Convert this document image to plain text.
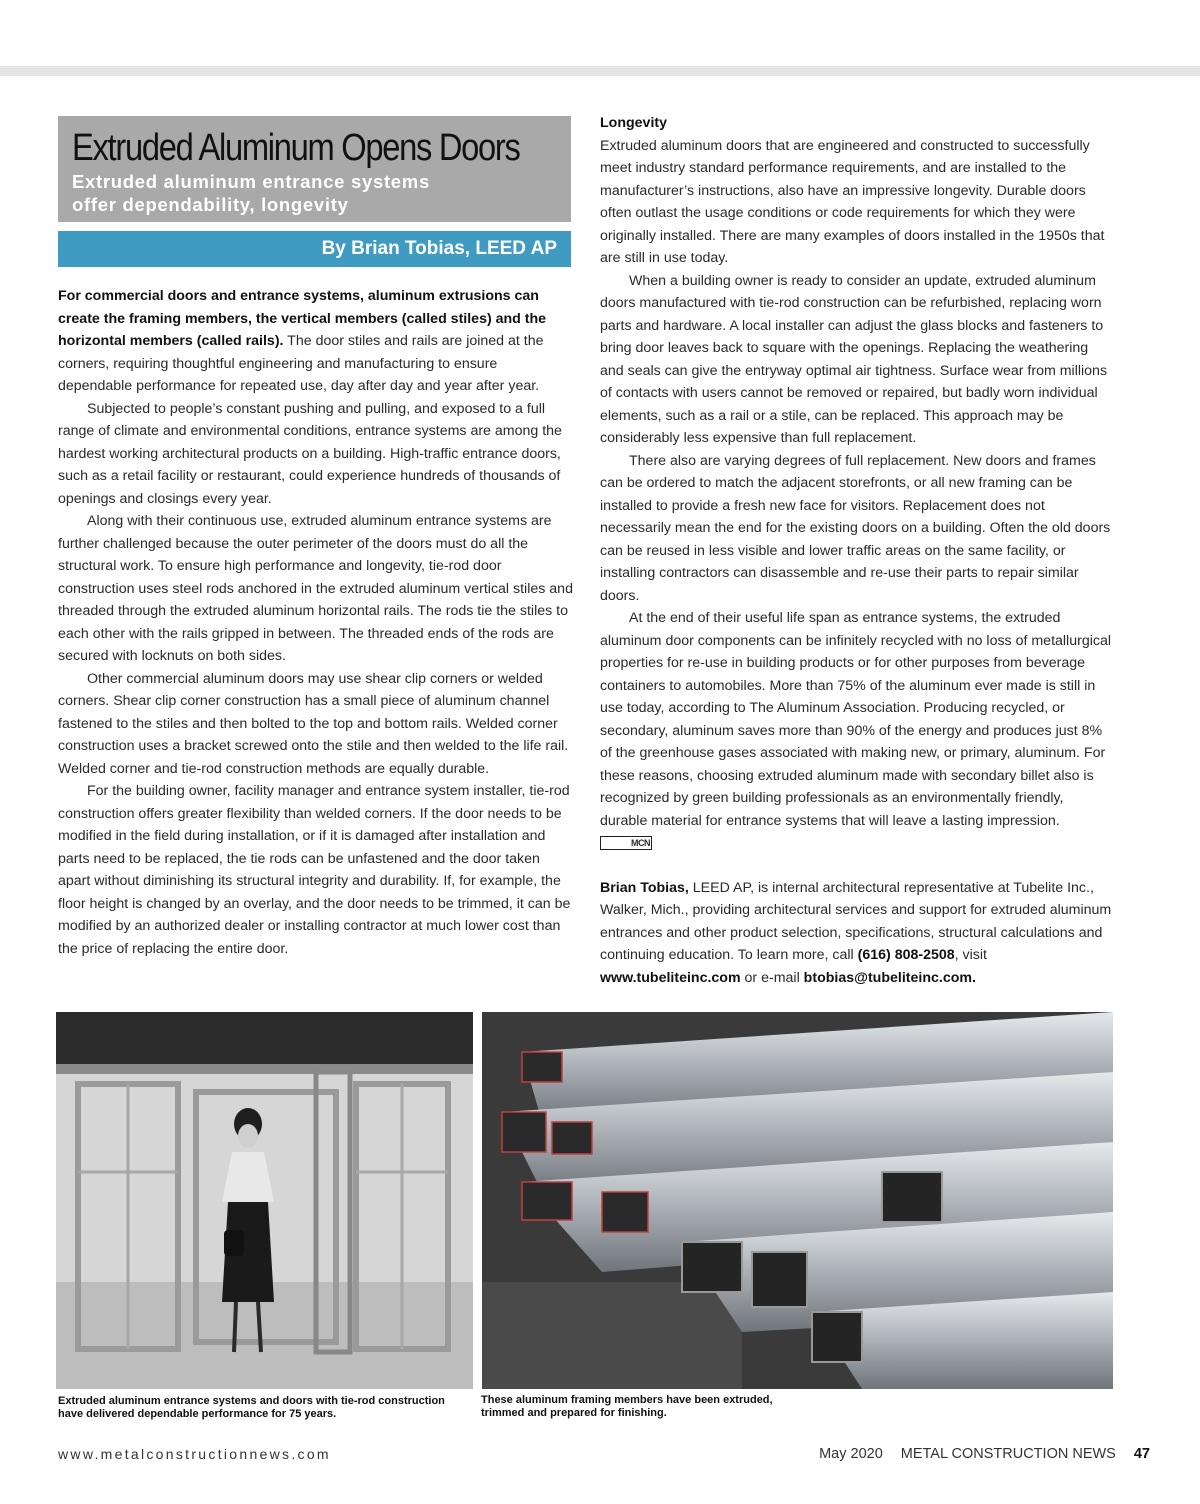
Extruded Aluminum Opens Doors
Extruded aluminum entrance systems
offer dependability, longevity
By Brian Tobias, LEED AP

For commercial doors and entrance systems, aluminum extrusions can create the framing members, the vertical members (called stiles) and the horizontal members (called rails). The door stiles and rails are joined at the corners, requiring thoughtful engineering and manufacturing to ensure dependable performance for repeated use, day after day and year after year.

Subjected to people’s constant pushing and pulling, and exposed to a full range of climate and environmental conditions, entrance systems are among the hardest working architectural products on a building. High-traffic entrance doors, such as a retail facility or restaurant, could experience hundreds of thousands of openings and closings every year.

Along with their continuous use, extruded aluminum entrance systems are further challenged because the outer perimeter of the doors must do all the structural work. To ensure high performance and longevity, tie-rod door construction uses steel rods anchored in the extruded aluminum vertical stiles and threaded through the extruded aluminum horizontal rails. The rods tie the stiles to each other with the rails gripped in between. The threaded ends of the rods are secured with locknuts on both sides.

Other commercial aluminum doors may use shear clip corners or welded corners. Shear clip corner construction has a small piece of aluminum channel fastened to the stiles and then bolted to the top and bottom rails. Welded corner construction uses a bracket screwed onto the stile and then welded to the life rail. Welded corner and tie-rod construction methods are equally durable.

For the building owner, facility manager and entrance system installer, tie-rod construction offers greater flexibility than welded corners. If the door needs to be modified in the field during installation, or if it is damaged after installation and parts need to be replaced, the tie rods can be unfastened and the door taken apart without diminishing its structural integrity and durability. If, for example, the floor height is changed by an overlay, and the door needs to be trimmed, it can be modified by an authorized dealer or installing contractor at much lower cost than the price of replacing the entire door.

Longevity

Extruded aluminum doors that are engineered and constructed to successfully meet industry standard performance requirements, and are installed to the manufacturer’s instructions, also have an impressive longevity. Durable doors often outlast the usage conditions or code requirements for which they were originally installed. There are many examples of doors installed in the 1950s that are still in use today.

When a building owner is ready to consider an update, extruded aluminum doors manufactured with tie-rod construction can be refurbished, replacing worn parts and hardware. A local installer can adjust the glass blocks and fasteners to bring door leaves back to square with the openings. Replacing the weathering and seals can give the entryway optimal air tightness. Surface wear from millions of contacts with users cannot be removed or repaired, but badly worn individual elements, such as a rail or a stile, can be replaced. This approach may be considerably less expensive than full replacement.

There also are varying degrees of full replacement. New doors and frames can be ordered to match the adjacent storefronts, or all new framing can be installed to provide a fresh new face for visitors. Replacement does not necessarily mean the end for the existing doors on a building. Often the old doors can be reused in less visible and lower traffic areas on the same facility, or installing contractors can disassemble and re-use their parts to repair similar doors.

At the end of their useful life span as entrance systems, the extruded aluminum door components can be infinitely recycled with no loss of metallurgical properties for re-use in building products or for other purposes from beverage containers to automobiles. More than 75% of the aluminum ever made is still in use today, according to The Aluminum Association. Producing recycled, or secondary, aluminum saves more than 90% of the energy and produces just 8% of the greenhouse gases associated with making new, or primary, aluminum. For these reasons, choosing extruded aluminum made with secondary billet also is recognized by green building professionals as an environmentally friendly, durable material for entrance systems that will leave a lasting impression. MCN

Brian Tobias, LEED AP, is internal architectural representative at Tubelite Inc., Walker, Mich., providing architectural services and support for extruded aluminum entrances and other product selection, specifications, structural calculations and continuing education. To learn more, call (616) 808-2508, visit www.tubeliteinc.com or e-mail btobias@tubeliteinc.com.

Extruded aluminum entrance systems and doors with tie-rod construction have delivered dependable performance for 75 years.
These aluminum framing members have been extruded, trimmed and prepared for finishing.
www.metalconstructionnews.com	May 2020 METAL CONSTRUCTION NEWS 47
